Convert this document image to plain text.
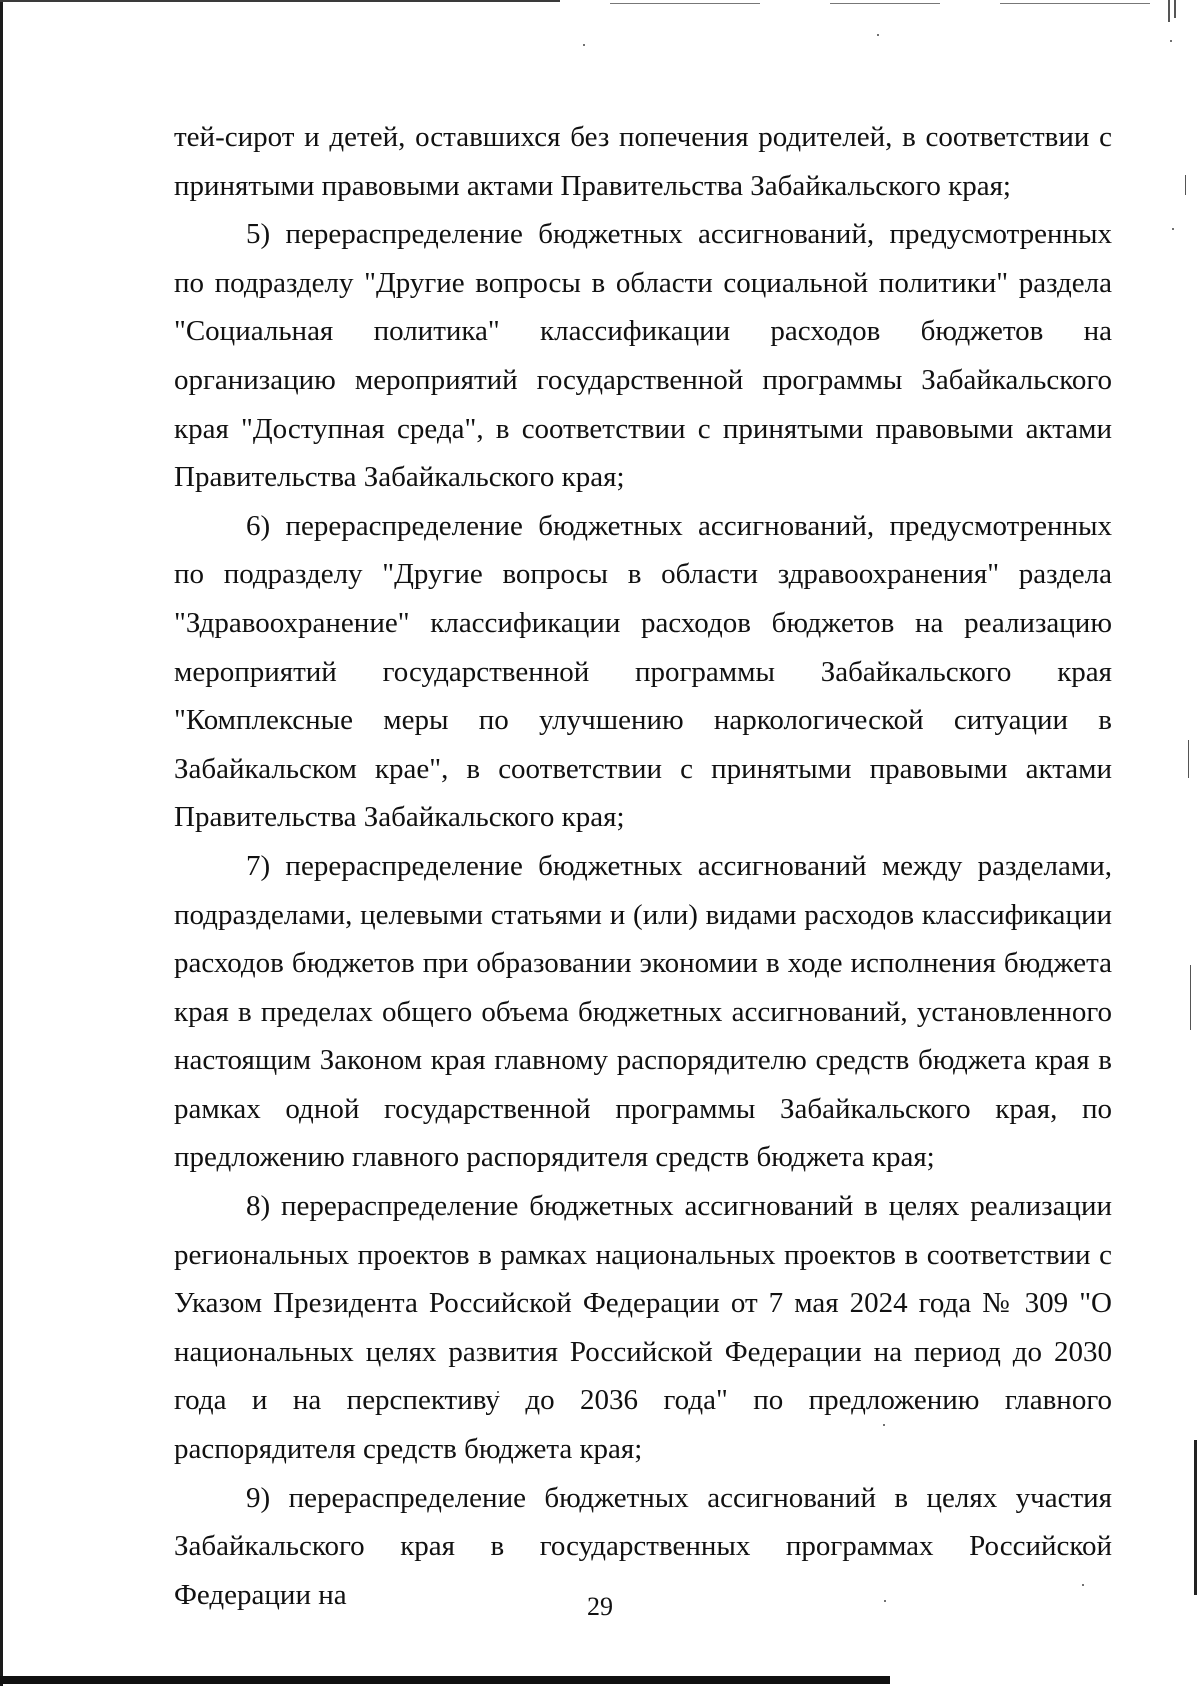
тей-сирот и детей, оставшихся без попечения родителей, в соответствии с принятыми правовыми актами Правительства Забайкальского края;

5) перераспределение бюджетных ассигнований, предусмотренных по подразделу "Другие вопросы в области социальной политики" раздела "Социальная политика" классификации расходов бюджетов на организацию мероприятий государственной программы Забайкальского края "Доступная среда", в соответствии с принятыми правовыми актами Правительства Забайкальского края;

6) перераспределение бюджетных ассигнований, предусмотренных по подразделу "Другие вопросы в области здравоохранения" раздела "Здравоохранение" классификации расходов бюджетов на реализацию мероприятий государственной программы Забайкальского края "Комплексные меры по улучшению наркологической ситуации в Забайкальском крае", в соответствии с принятыми правовыми актами Правительства Забайкальского края;

7) перераспределение бюджетных ассигнований между разделами, подразделами, целевыми статьями и (или) видами расходов классификации расходов бюджетов при образовании экономии в ходе исполнения бюджета края в пределах общего объема бюджетных ассигнований, установленного настоящим Законом края главному распорядителю средств бюджета края в рамках одной государственной программы Забайкальского края, по предложению главного распорядителя средств бюджета края;

8) перераспределение бюджетных ассигнований в целях реализации региональных проектов в рамках национальных проектов в соответствии с Указом Президента Российской Федерации от 7 мая 2024 года № 309 "О национальных целях развития Российской Федерации на период до 2030 года и на перспективу до 2036 года" по предложению главного распорядителя средств бюджета края;

9) перераспределение бюджетных ассигнований в целях участия Забайкальского края в государственных программах Российской Федерации на	29
